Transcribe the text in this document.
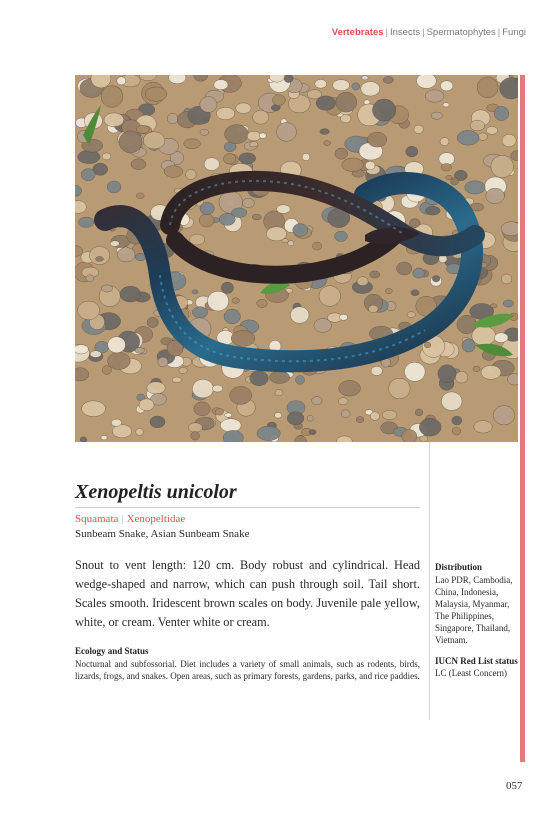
Vertebrates | Insects | Spermatophytes | Fungi
Xenopeltis unicolor
Squamata | Xenopeltidae
Sunbeam Snake, Asian Sunbeam Snake

Snout to vent length: 120 cm. Body robust and cylindrical. Head wedge-shaped and narrow, which can push through soil. Tail short. Scales smooth. Iridescent brown scales on body. Juvenile pale yellow, white, or cream. Venter white or cream.

Ecology and Status

Nocturnal and subfossorial. Diet includes a variety of small animals, such as rodents, birds, lizards, frogs, and snakes. Open areas, such as primary forests, gardens, parks, and rice paddies.

Distribution

Lao PDR, Cambodia, China, Indonesia, Malaysia, Myanmar, The Philippines, Singapore, Thailand, Vietnam.

IUCN Red List status
LC (Least Concern)
057
